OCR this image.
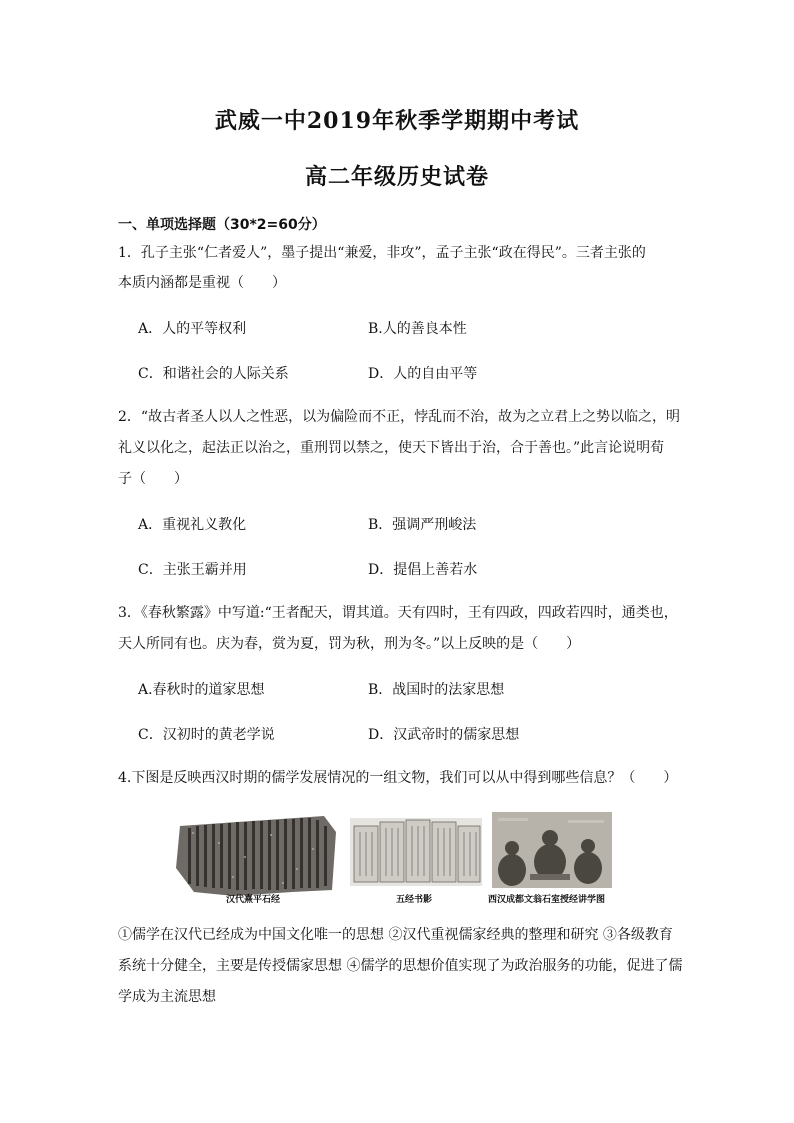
武威一中2019年秋季学期期中考试
高二年级历史试卷
一、单项选择题（30*2=60分）
1．孔子主张“仁者爱人”，墨子提出“兼爱，非攻”，孟子主张“政在得民”。三者主张的
本质内涵都是重视（　　）
A．人的平等权利	B.人的善良本性
C．和谐社会的人际关系	D．人的自由平等
2．“故古者圣人以人之性恶，以为偏险而不正，悖乱而不治，故为之立君上之势以临之，明
礼义以化之，起法正以治之，重刑罚以禁之，使天下皆出于治，合于善也。”此言论说明荀
子（　　）
A．重视礼义教化	B．强调严刑峻法
C．主张王霸并用	D．提倡上善若水
3．《春秋繁露》中写道:“王者配天，谓其道。天有四时，王有四政，四政若四时，通类也，
天人所同有也。庆为春，赏为夏，罚为秋，刑为冬。”以上反映的是（　　）
A.春秋时的道家思想	B．战国时的法家思想
C．汉初时的黄老学说	D．汉武帝时的儒家思想
4.下图是反映西汉时期的儒学发展情况的一组文物，我们可以从中得到哪些信息？（　　）
汉代熹平石经	五经书影	西汉成都文翁石室授经讲学图
①儒学在汉代已经成为中国文化唯一的思想 ②汉代重视儒家经典的整理和研究 ③各级教育
系统十分健全，主要是传授儒家思想 ④儒学的思想价值实现了为政治服务的功能，促进了儒
学成为主流思想
